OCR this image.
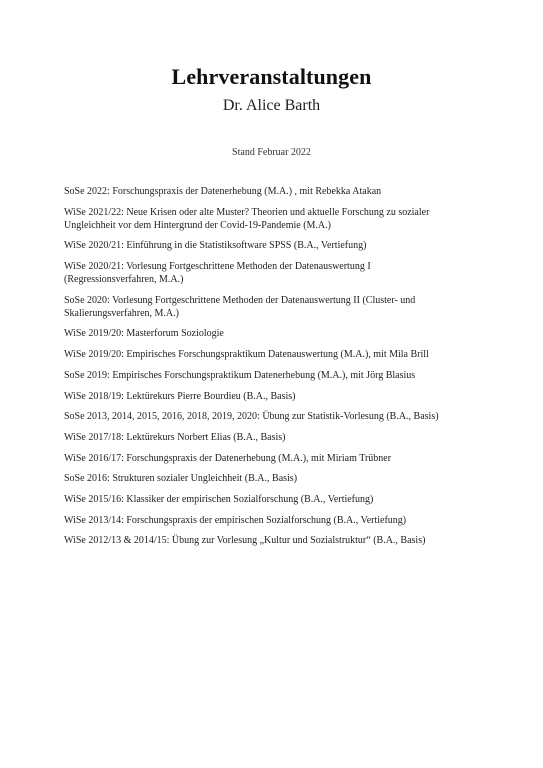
Lehrveranstaltungen
Dr. Alice Barth
Stand Februar 2022
SoSe 2022: Forschungspraxis der Datenerhebung (M.A.) , mit Rebekka Atakan
WiSe 2021/22: Neue Krisen oder alte Muster? Theorien und aktuelle Forschung zu sozialer Ungleichheit vor dem Hintergrund der Covid-19-Pandemie (M.A.)
WiSe 2020/21: Einführung in die Statistiksoftware SPSS (B.A., Vertiefung)
WiSe 2020/21: Vorlesung Fortgeschrittene Methoden der Datenauswertung I (Regressionsverfahren, M.A.)
SoSe 2020: Vorlesung Fortgeschrittene Methoden der Datenauswertung II (Cluster- und Skalierungsverfahren, M.A.)
WiSe 2019/20: Masterforum Soziologie
WiSe 2019/20: Empirisches Forschungspraktikum Datenauswertung (M.A.), mit Mila Brill
SoSe 2019: Empirisches Forschungspraktikum Datenerhebung (M.A.), mit Jörg Blasius
WiSe 2018/19: Lektürekurs Pierre Bourdieu (B.A., Basis)
SoSe 2013, 2014, 2015, 2016, 2018, 2019, 2020: Übung zur Statistik-Vorlesung (B.A., Basis)
WiSe 2017/18: Lektürekurs Norbert Elias (B.A., Basis)
WiSe 2016/17: Forschungspraxis der Datenerhebung (M.A.), mit Miriam Trübner
SoSe 2016: Strukturen sozialer Ungleichheit (B.A., Basis)
WiSe 2015/16: Klassiker der empirischen Sozialforschung (B.A., Vertiefung)
WiSe 2013/14: Forschungspraxis der empirischen Sozialforschung (B.A., Vertiefung)
WiSe 2012/13 & 2014/15: Übung zur Vorlesung „Kultur und Sozialstruktur“ (B.A., Basis)
